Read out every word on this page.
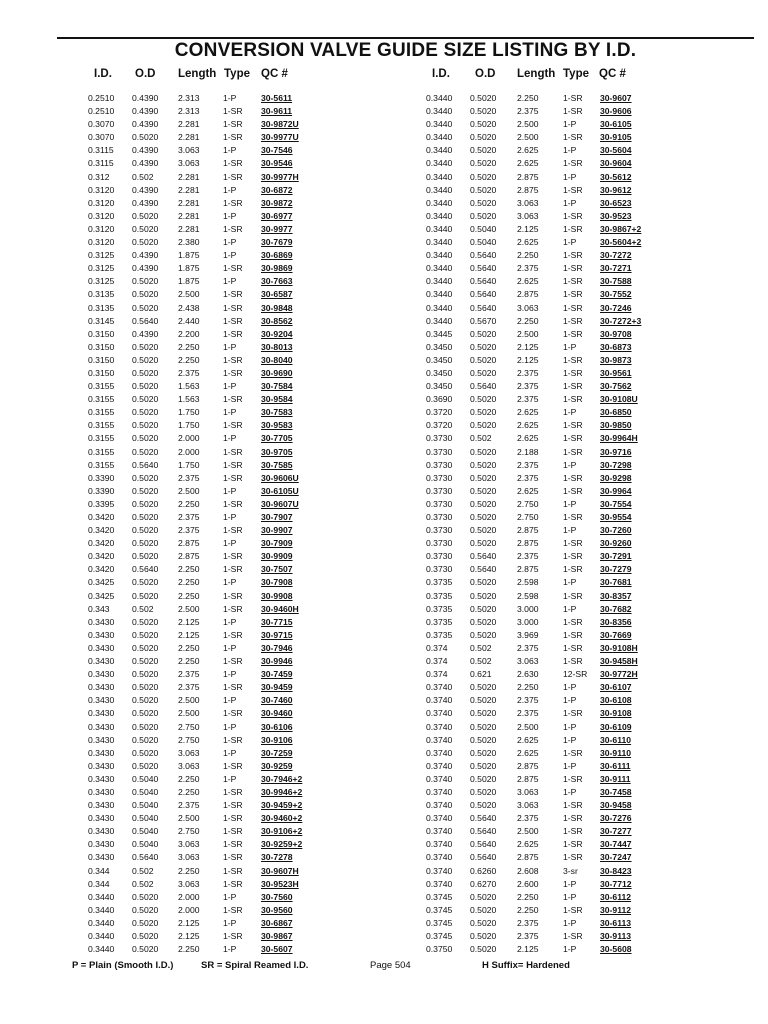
CONVERSION VALVE GUIDE SIZE LISTING BY I.D.
I.D. O.D Length Type QC #
0.2510 0.4390 2.313	1-P	30-5611
0.2510 0.4390 2.313	1-SR 30-9611
0.3070 0.4390 2.281	1-SR 30-9872U
0.3070 0.5020 2.281	1-SR 30-9977U
0.3115 0.4390 3.063	1-P	30-7546
0.3115 0.4390 3.063	1-SR 30-9546
0.312	0.502	2.281	1-SR 30-9977H
0.3120 0.4390 2.281	1-P	30-6872
0.3120 0.4390 2.281	1-SR 30-9872
0.3120 0.5020 2.281	1-P	30-6977
0.3120 0.5020 2.281	1-SR 30-9977
0.3120 0.5020 2.380	1-P	30-7679
0.3125 0.4390 1.875	1-P	30-6869
0.3125 0.4390 1.875	1-SR 30-9869
0.3125 0.5020 1.875	1-P	30-7663
0.3135 0.5020 2.500	1-SR 30-6587
0.3135 0.5020 2.438	1-SR 30-9848
0.3145 0.5640 2.440	1-SR 30-8562
0.3150 0.4390 2.200	1-SR 30-9204
0.3150 0.5020 2.250	1-P	30-8013
0.3150 0.5020 2.250	1-SR 30-8040
0.3150 0.5020 2.375	1-SR 30-9690
0.3155 0.5020 1.563	1-P	30-7584
0.3155 0.5020 1.563	1-SR 30-9584
0.3155 0.5020 1.750	1-P	30-7583
0.3155 0.5020 1.750	1-SR 30-9583
0.3155 0.5020 2.000	1-P	30-7705
0.3155 0.5020 2.000	1-SR 30-9705
0.3155 0.5640 1.750	1-SR 30-7585
0.3390 0.5020 2.375	1-SR 30-9606U
0.3390 0.5020 2.500	1-P	30-6105U
0.3395 0.5020 2.250	1-SR 30-9607U
0.3420 0.5020 2.375	1-P	30-7907
0.3420 0.5020 2.375	1-SR 30-9907
0.3420 0.5020 2.875	1-P	30-7909
0.3420 0.5020 2.875	1-SR 30-9909
0.3420 0.5640 2.250	1-SR 30-7507
0.3425 0.5020 2.250	1-P	30-7908
0.3425 0.5020 2.250	1-SR 30-9908
0.343	0.502	2.500	1-SR 30-9460H
0.3430 0.5020 2.125	1-P	30-7715
0.3430 0.5020 2.125	1-SR 30-9715
0.3430 0.5020 2.250	1-P	30-7946
0.3430 0.5020 2.250	1-SR 30-9946
0.3430 0.5020 2.375	1-P	30-7459
0.3430 0.5020 2.375	1-SR 30-9459
0.3430 0.5020 2.500	1-P	30-7460
0.3430 0.5020 2.500	1-SR 30-9460
0.3430 0.5020 2.750	1-P	30-6106
0.3430 0.5020 2.750	1-SR 30-9106
0.3430 0.5020 3.063	1-P	30-7259
0.3430 0.5020 3.063	1-SR 30-9259
0.3430 0.5040 2.250	1-P	30-7946+2
0.3430 0.5040 2.250	1-SR 30-9946+2
0.3430 0.5040 2.375	1-SR 30-9459+2
0.3430 0.5040 2.500	1-SR 30-9460+2
0.3430 0.5040 2.750	1-SR 30-9106+2
0.3430 0.5040 3.063	1-SR 30-9259+2
0.3430 0.5640 3.063	1-SR 30-7278
0.344	0.502	2.250	1-SR 30-9607H
0.344	0.502	3.063	1-SR 30-9523H
0.3440 0.5020 2.000	1-P	30-7560
0.3440 0.5020 2.000	1-SR 30-9560
0.3440 0.5020 2.125	1-P	30-6867
0.3440 0.5020 2.125	1-SR 30-9867
0.3440 0.5020 2.250	1-P	30-5607
I.D. O.D Length Type QC #
0.3440 0.5020 2.250	1-SR 30-9607
0.3440 0.5020 2.375	1-SR 30-9606
0.3440 0.5020 2.500	1-P	30-6105
0.3440 0.5020 2.500	1-SR 30-9105
0.3440 0.5020 2.625	1-P	30-5604
0.3440 0.5020 2.625	1-SR 30-9604
0.3440 0.5020 2.875	1-P	30-5612
0.3440 0.5020 2.875	1-SR 30-9612
0.3440 0.5020 3.063	1-P	30-6523
0.3440 0.5020 3.063	1-SR 30-9523
0.3440 0.5040 2.125	1-SR 30-9867+2
0.3440 0.5040 2.625	1-P	30-5604+2
0.3440 0.5640 2.250	1-SR 30-7272
0.3440 0.5640 2.375	1-SR 30-7271
0.3440 0.5640 2.625	1-SR 30-7588
0.3440 0.5640 2.875	1-SR 30-7552
0.3440 0.5640 3.063	1-SR 30-7246
0.3440 0.5670 2.250	1-SR 30-7272+3
0.3445 0.5020 2.500	1-SR 30-9708
0.3450 0.5020 2.125	1-P	30-6873
0.3450 0.5020 2.125	1-SR 30-9873
0.3450 0.5020 2.375	1-SR 30-9561
0.3450 0.5640 2.375	1-SR 30-7562
0.3690 0.5020 2.375	1-SR 30-9108U
0.3720 0.5020 2.625	1-P	30-6850
0.3720 0.5020 2.625	1-SR 30-9850
0.3730 0.502	2.625	1-SR 30-9964H
0.3730 0.5020 2.188	1-SR 30-9716
0.3730 0.5020 2.375	1-P	30-7298
0.3730 0.5020 2.375	1-SR 30-9298
0.3730 0.5020 2.625	1-SR 30-9964
0.3730 0.5020 2.750	1-P	30-7554
0.3730 0.5020 2.750	1-SR 30-9554
0.3730 0.5020 2.875	1-P	30-7260
0.3730 0.5020 2.875	1-SR 30-9260
0.3730 0.5640 2.375	1-SR 30-7291
0.3730 0.5640 2.875	1-SR 30-7279
0.3735 0.5020 2.598	1-P	30-7681
0.3735 0.5020 2.598	1-SR 30-8357
0.3735 0.5020 3.000	1-P	30-7682
0.3735 0.5020 3.000	1-SR 30-8356
0.3735 0.5020 3.969	1-SR 30-7669
0.374	0.502	2.375	1-SR 30-9108H
0.374	0.502	3.063	1-SR 30-9458H
0.374	0.621	2.630	12-SR 30-9772H
0.3740 0.5020 2.250	1-P	30-6107
0.3740 0.5020 2.375	1-P	30-6108
0.3740 0.5020 2.375	1-SR 30-9108
0.3740 0.5020 2.500	1-P	30-6109
0.3740 0.5020 2.625	1-P	30-6110
0.3740 0.5020 2.625	1-SR 30-9110
0.3740 0.5020 2.875	1-P	30-6111
0.3740 0.5020 2.875	1-SR 30-9111
0.3740 0.5020 3.063	1-P	30-7458
0.3740 0.5020 3.063	1-SR 30-9458
0.3740 0.5640 2.375	1-SR 30-7276
0.3740 0.5640 2.500	1-SR 30-7277
0.3740 0.5640 2.625	1-SR 30-7447
0.3740 0.5640 2.875	1-SR 30-7247
0.3740 0.6260 2.608	3-sr	30-8423
0.3740 0.6270 2.600	1-P	30-7712
0.3745 0.5020 2.250	1-P	30-6112
0.3745 0.5020 2.250	1-SR 30-9112
0.3745 0.5020 2.375	1-P	30-6113
0.3745 0.5020 2.375	1-SR 30-9113
0.3750 0.5020 2.125	1-P	30-5608
P = Plain (Smooth I.D.)	SR = Spiral Reamed I.D.	Page 504	H Suffix= Hardened
